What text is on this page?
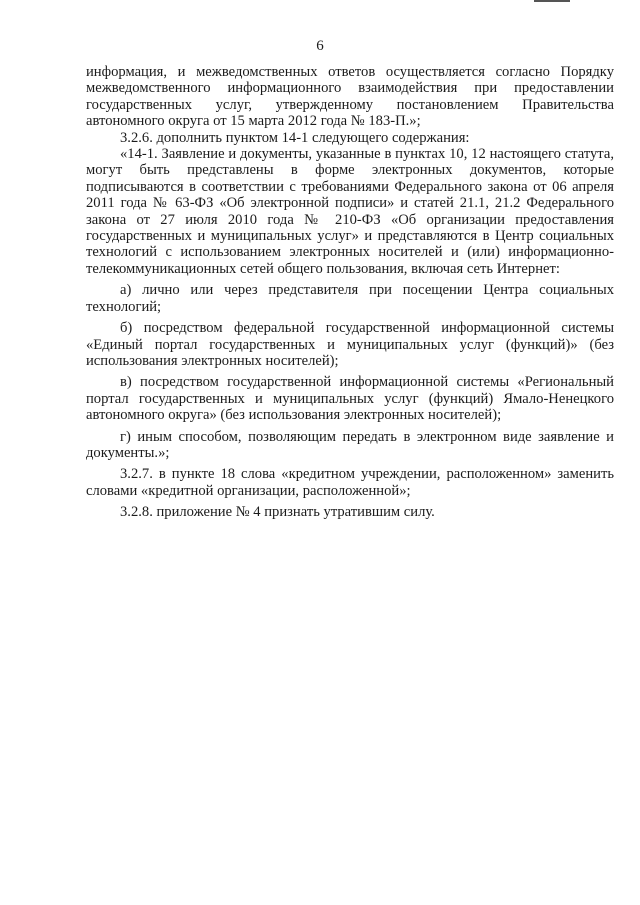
6

информация, и межведомственных ответов осуществляется согласно Порядку межведомственного информационного взаимодействия при предоставлении государственных услуг, утвержденному постановлением Правительства автономного округа от 15 марта 2012 года № 183-П.»;

3.2.6. дополнить пунктом 14-1 следующего содержания:

«14-1. Заявление и документы, указанные в пунктах 10, 12 настоящего статута, могут быть представлены в форме электронных документов, которые подписываются в соответствии с требованиями Федерального закона от 06 апреля 2011 года № 63-ФЗ «Об электронной подписи» и статей 21.1, 21.2 Федерального закона от 27 июля 2010 года № 210-ФЗ «Об организации предоставления государственных и муниципальных услуг» и представляются в Центр социальных технологий с использованием электронных носителей и (или) информационно-телекоммуникационных сетей общего пользования, включая сеть Интернет:

а) лично или через представителя при посещении Центра социальных технологий;

б) посредством федеральной государственной информационной системы «Единый портал государственных и муниципальных услуг (функций)» (без использования электронных носителей);

в) посредством государственной информационной системы «Региональный портал государственных и муниципальных услуг (функций) Ямало-Ненецкого автономного округа» (без использования электронных носителей);

г) иным способом, позволяющим передать в электронном виде заявление и документы.»;

3.2.7. в пункте 18 слова «кредитном учреждении, расположенном» заменить словами «кредитной организации, расположенной»;

3.2.8. приложение № 4 признать утратившим силу.
